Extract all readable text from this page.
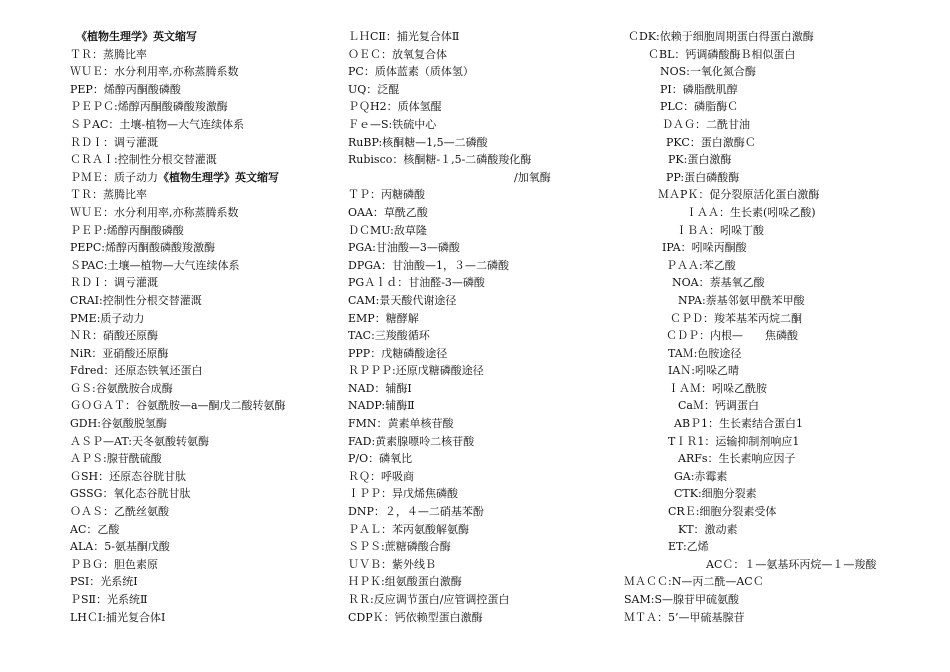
《植物生理学》英文缩写
ＴＲ：蒸腾比率
ＷＵＥ：水分利用率,亦称蒸腾系数
PEP：烯醇丙酮酸磷酸
ＰＥＰＣ:烯醇丙酮酸磷酸羧激酶
ＳＰAC：土壤-植物—大气连续体系
ＲＤＩ：调亏灌溉
ＣＲＡＩ:控制性分根交替灌溉
ＰＭＥ：质子动力《植物生理学》英文缩写
ＴＲ：蒸腾比率
ＷＵＥ：水分利用率,亦称蒸腾系数
ＰＥＰ:烯醇丙酮酸磷酸
PEPC:烯醇丙酮酸磷酸羧激酶
ＳPAC:土壤—植物—大气连续体系
ＲＤＩ：调亏灌溉
CRAI:控制性分根交替灌溉
PME:质子动力
ＮＲ：硝酸还原酶
NiR：亚硝酸还原酶
Fdred：还原态铁氧还蛋白
ＧＳ:谷氨酰胺合成酶
ＧＯＧＡＴ：谷氨酰胺—a—酮戊二酸转氨酶
GDH:谷氨酸脱氢酶
ＡＳＰ—AT:天冬氨酸转氨酶
ＡＰＳ:腺苷酰硫酸
ＧSH：还原态谷胱甘肽
GSSG：氧化态谷胱甘肽
ＯＡＳ：乙酰丝氨酸
AC：乙酸
ALA：5-氨基酮戊酸
ＰＢＧ：胆色素原
PSⅠ：光系统Ⅰ
ＰSⅡ：光系统Ⅱ
LHＣⅠ:捕光复合体Ⅰ
ＬＨCⅡ：捕光复合体Ⅱ
ＯＥＣ：放氧复合体
PC：质体蓝素（质体氢）
UQ：泛醌
ＰＱH2：质体氢醌
Ｆｅ—S:铁硫中心
RuBP:核酮糖—1,5—二磷酸
Rubisco：核酮糖-１,5-二磷酸羧化酶
/加氧酶
ＴＰ：丙糖磷酸
OAA：草酰乙酸
ＤＣMU:敌草隆
PGA:甘油酸—3—磷酸
DPGA：甘油酸—1，３—二磷酸
PGＡｌｄ：甘油醛-3—磷酸
CAM:景天酸代谢途径
EMP：糖酵解
TAC:三羧酸循环
PPP：戊糖磷酸途径
ＲＰＰＰ:还原戊糖磷酸途径
NAD：辅酶Ⅰ
NADP:辅酶Ⅱ
FMN：黄素单核苷酸
FAD:黄素腺嘌呤二核苷酸
P/O：磷氧比
ＲＱ：呼吸商
ＩＰＰ：异戊烯焦磷酸
DNP：２，４—二硝基苯酚
ＰＡＬ：苯丙氨酸解氨酶
ＳＰＳ:蔗糖磷酸合酶
ＵＶＢ：紫外线Ｂ
ＨＰＫ:组氨酸蛋白激酶
ＲＲ:反应调节蛋白/应管调控蛋白
CDPＫ：钙依赖型蛋白激酶
ＣDK:依赖于细胞周期蛋白得蛋白激酶
ＣBL：钙调磷酸酶Ｂ相似蛋白
NOS:一氧化氮合酶
PI：磷脂酰肌醇
PLC：磷脂酶Ｃ
ＤＡＧ：二酰甘油
PKC：蛋白激酶Ｃ
PK:蛋白激酶
PP:蛋白磷酸酶
ＭＡPＫ：促分裂原活化蛋白激酶
ＩＡＡ：生长素(吲哚乙酸)
ＩＢＡ：吲哚丁酸
IPA：吲哚丙酮酸
ＰＡＡ:苯乙酸
NOA：萘基氧乙酸
NPA:萘基邻氨甲酰苯甲酸
ＣＰＤ：羧苯基苯丙烷二酮
ＣＤＰ：内根—　　焦磷酸
TAＭ:色胺途径
IAＮ:吲哚乙晴
ＩＡＭ：吲哚乙酰胺
CaＭ：钙调蛋白
ABＰ1：生长素结合蛋白1
TＩＲ1：运输抑制剂响应1
ARFs：生长素响应因子
GA:赤霉素
CTK:细胞分裂素
CRＥ:细胞分裂素受体
KT：激动素
ET:乙烯
ACＣ：１—氨基环丙烷—１—羧酸
ＭＡＣＣ:N—丙二酰—ACＣ
SAM:S—腺苷甲硫氨酸
ＭＴＡ：5’—甲硫基腺苷
